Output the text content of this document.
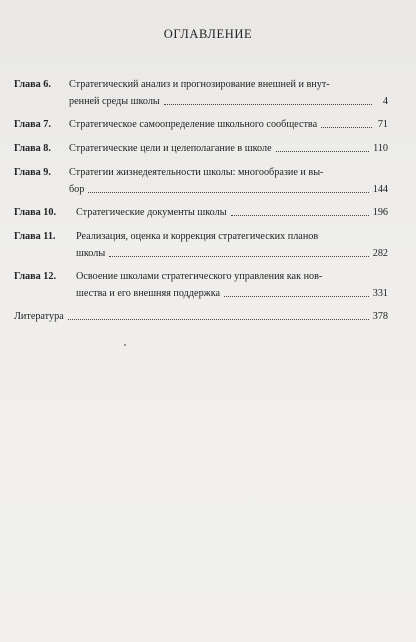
ОГЛАВЛЕНИЕ
Глава 6.	Стратегический анализ и прогнозирование внешней и внут-
ренней среды школы	4
Глава 7.	Стратегическое самоопределение школьного сообщества	71
Глава 8.	Стратегические цели и целеполагание в школе	110
Глава 9.	Стратегии жизнедеятельности школы: многообразие и вы-
бор	144
Глава 10.	Стратегические документы школы	196
Глава 11.	Реализация, оценка и коррекция стратегических планов
школы	282
Глава 12.	Освоение школами стратегического управления как нов-
шества и его внешняя поддержка	331
Литература	378
